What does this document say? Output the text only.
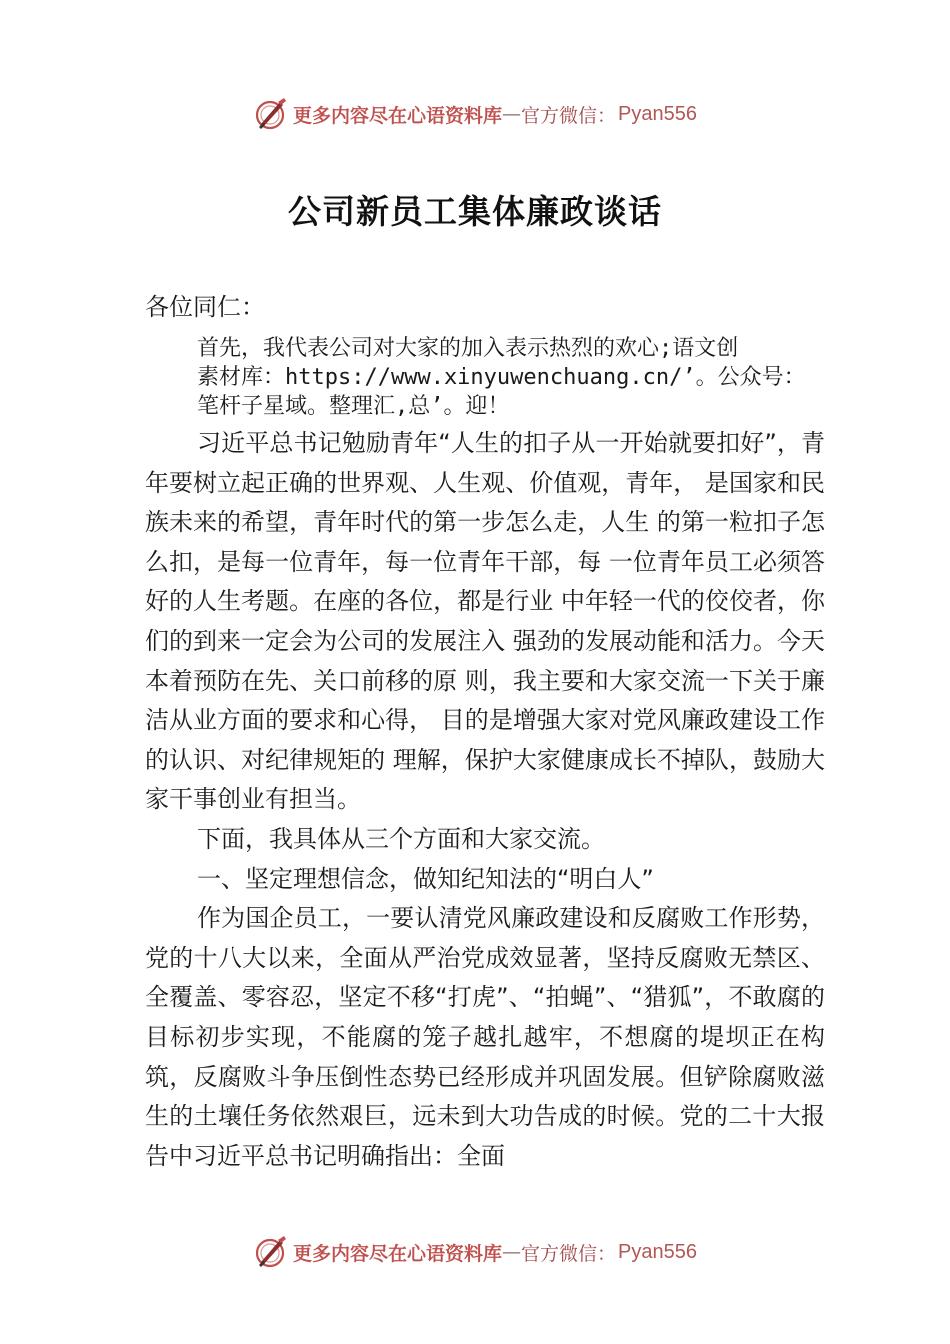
更多内容尽在心语资料库 — 官方微信： Pyan556
公司新员工集体廉政谈话

各位同仁：

首先，我代表公司对大家的加入表示热烈的欢心;语文创
素材库：https://www.xinyuwenchuang.cn/’。公众号：
笔杆子星域。整理汇,总’。迎！

习近平总书记勉励青年“人生的扣子从一开始就要扣好”，青年要树立起正确的世界观、人生观、价值观，青年， 是国家和民族未来的希望，青年时代的第一步怎么走，人生 的第一粒扣子怎么扣，是每一位青年，每一位青年干部，每 一位青年员工必须答好的人生考题。在座的各位，都是行业 中年轻一代的佼佼者，你们的到来一定会为公司的发展注入 强劲的发展动能和活力。今天本着预防在先、关口前移的原 则，我主要和大家交流一下关于廉洁从业方面的要求和心得， 目的是增强大家对党风廉政建设工作的认识、对纪律规矩的 理解，保护大家健康成长不掉队，鼓励大家干事创业有担当。

下面，我具体从三个方面和大家交流。

一、坚定理想信念，做知纪知法的“明白人”

作为国企员工，一要认清党风廉政建设和反腐败工作形势，党的十八大以来，全面从严治党成效显著，坚持反腐败无禁区、全覆盖、零容忍，坚定不移“打虎”、“拍蝇”、“猎狐”，不敢腐的目标初步实现，不能腐的笼子越扎越牢，不想腐的堤坝正在构筑，反腐败斗争压倒性态势已经形成并巩固发展。但铲除腐败滋生的土壤任务依然艰巨，远未到大功告成的时候。党的二十大报告中习近平总书记明确指出：全面

更多内容尽在心语资料库 — 官方微信： Pyan556
